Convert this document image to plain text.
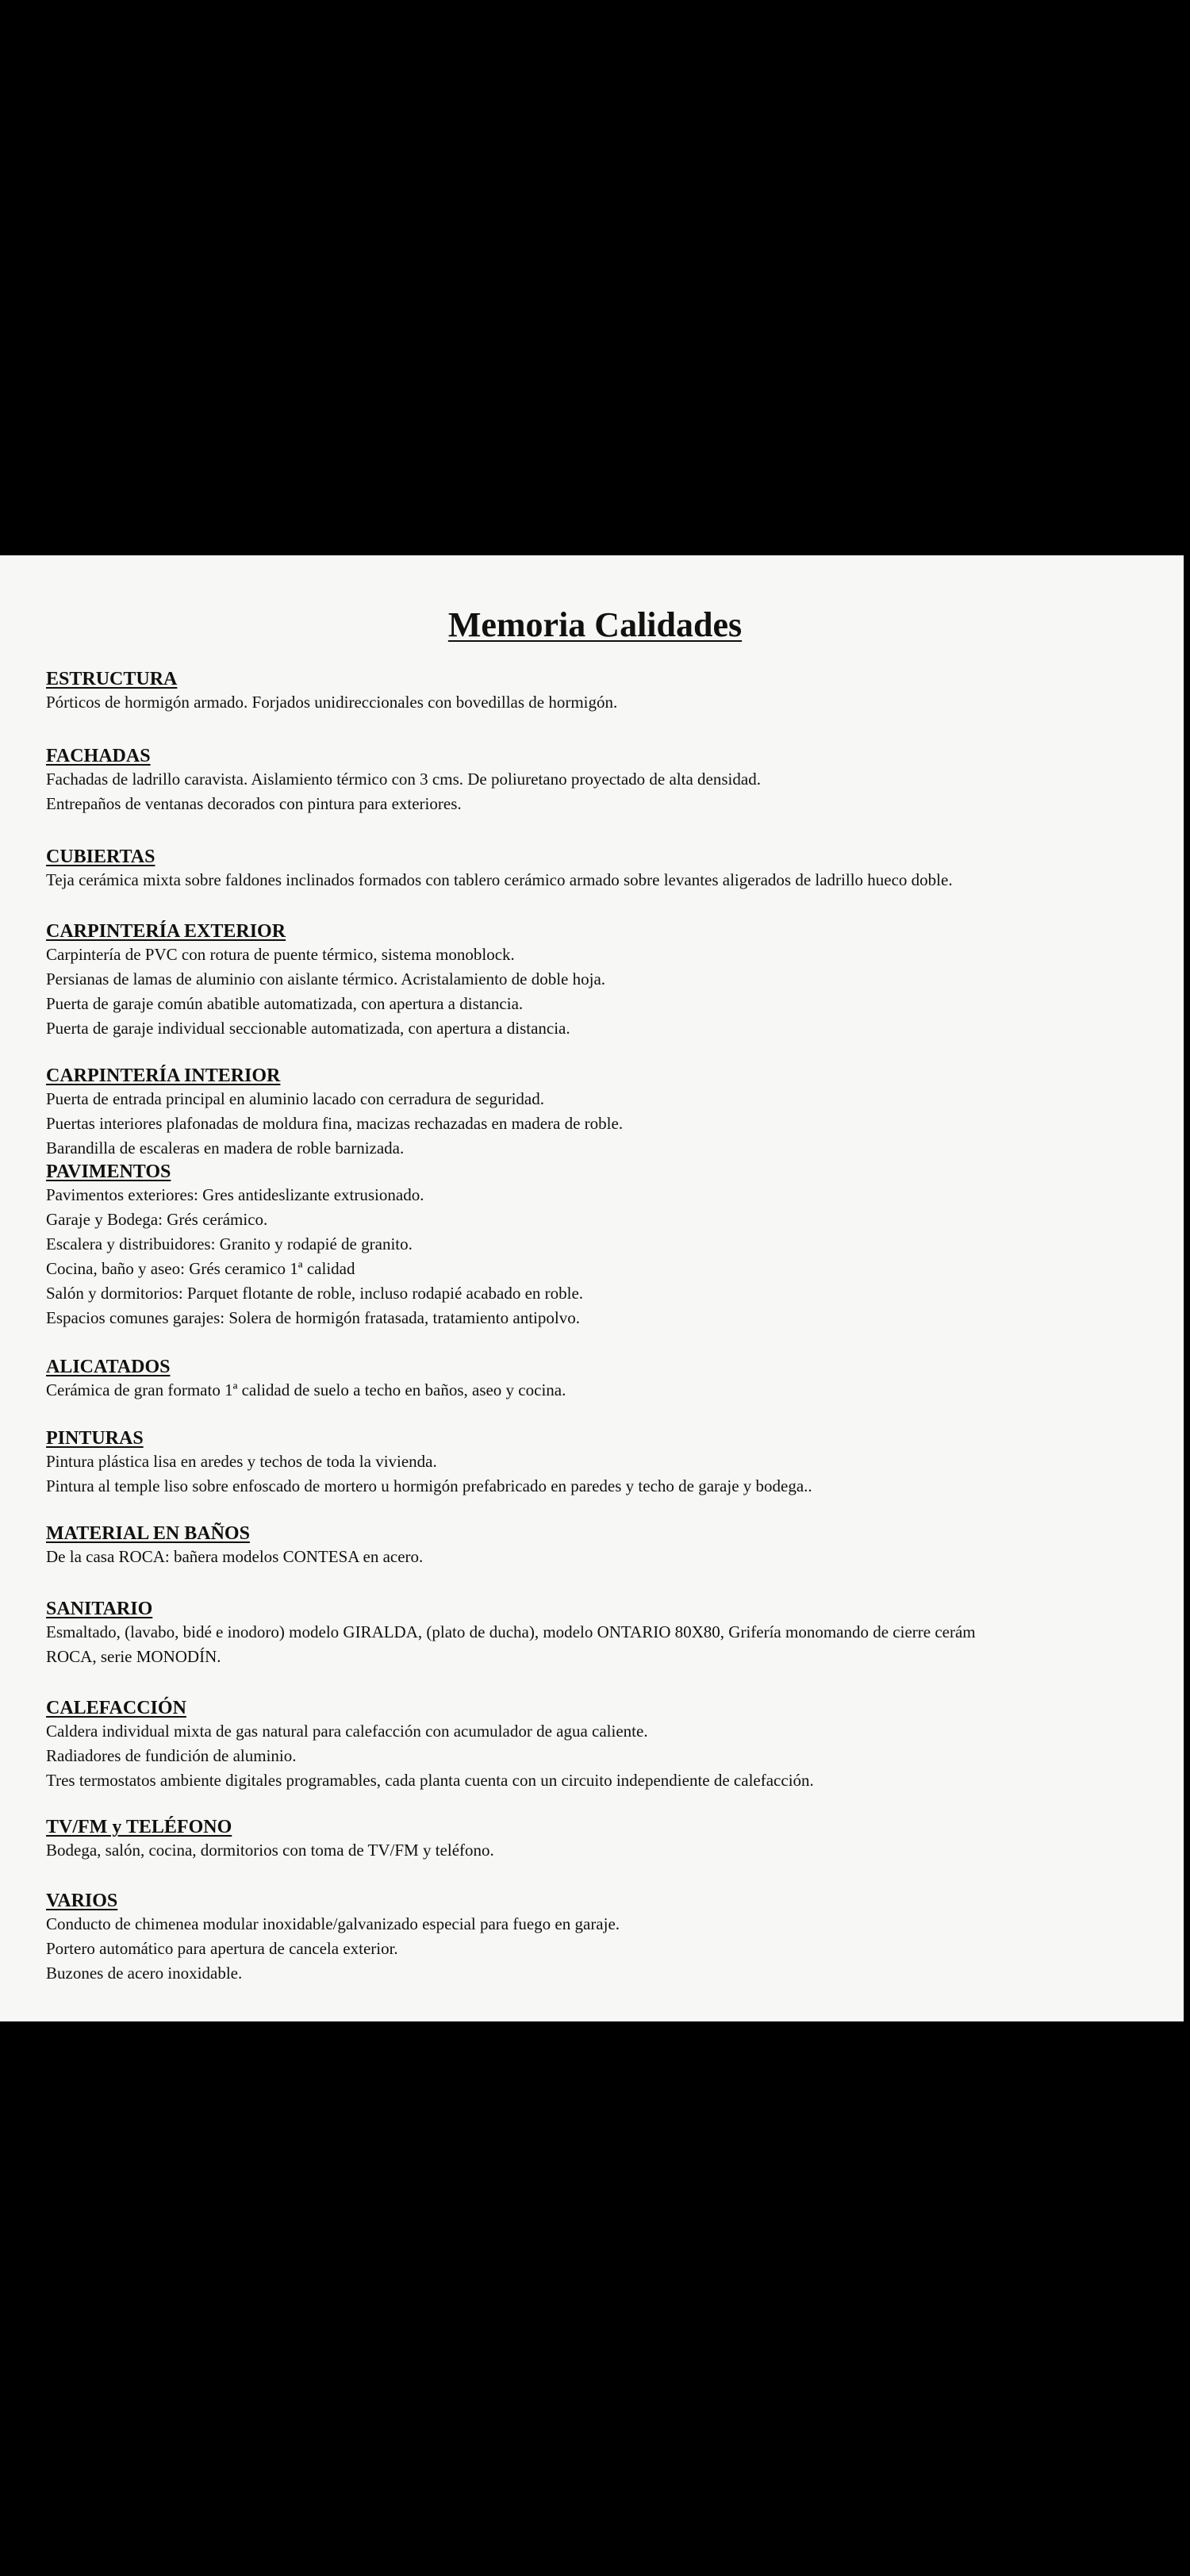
Memoria Calidades
ESTRUCTURA
Pórticos de hormigón armado. Forjados unidireccionales con bovedillas de hormigón.
FACHADAS
Fachadas de ladrillo caravista. Aislamiento térmico con 3 cms. De poliuretano proyectado de alta densidad.
Entrepaños de ventanas decorados con pintura para exteriores.
CUBIERTAS
Teja cerámica mixta sobre faldones inclinados formados con tablero cerámico armado sobre levantes aligerados de ladrillo hueco doble.
CARPINTERÍA EXTERIOR
Carpintería de PVC con rotura de puente térmico, sistema monoblock.
Persianas de lamas de aluminio con aislante térmico. Acristalamiento de doble hoja.
Puerta de garaje común abatible automatizada, con apertura a distancia.
Puerta de garaje individual seccionable automatizada, con apertura a distancia.
CARPINTERÍA INTERIOR
Puerta de entrada principal en aluminio lacado con cerradura de seguridad.
Puertas interiores plafonadas de moldura fina, macizas rechazadas en madera de roble.
Barandilla de escaleras en madera de roble barnizada.
PAVIMENTOS
Pavimentos exteriores: Gres antideslizante extrusionado.
Garaje y Bodega: Grés cerámico.
Escalera y distribuidores: Granito y rodapié de granito.
Cocina, baño y aseo: Grés ceramico 1ª calidad
Salón y dormitorios: Parquet flotante de roble, incluso rodapié acabado en roble.
Espacios comunes garajes: Solera de hormigón fratasada, tratamiento antipolvo.
ALICATADOS
Cerámica de gran formato 1ª calidad de suelo a techo en baños, aseo y cocina.
PINTURAS
Pintura plástica lisa en aredes y techos de toda la vivienda.
Pintura al temple liso sobre enfoscado de mortero u hormigón prefabricado en paredes y techo de garaje y bodega..
MATERIAL EN BAÑOS
De la casa ROCA: bañera modelos CONTESA en acero.
SANITARIO
Esmaltado, (lavabo, bidé e inodoro) modelo GIRALDA, (plato de ducha), modelo ONTARIO 80X80, Grifería monomando de cierre cerám
ROCA, serie MONODÍN.
CALEFACCIÓN
Caldera individual mixta de gas natural para calefacción con acumulador de agua caliente.
Radiadores de fundición de aluminio.
Tres termostatos ambiente digitales programables, cada planta cuenta con un circuito independiente de calefacción.
TV/FM y TELÉFONO
Bodega, salón, cocina, dormitorios con toma de TV/FM y teléfono.
VARIOS
Conducto de chimenea modular inoxidable/galvanizado especial para fuego en garaje.
Portero automático para apertura de cancela exterior.
Buzones de acero inoxidable.
